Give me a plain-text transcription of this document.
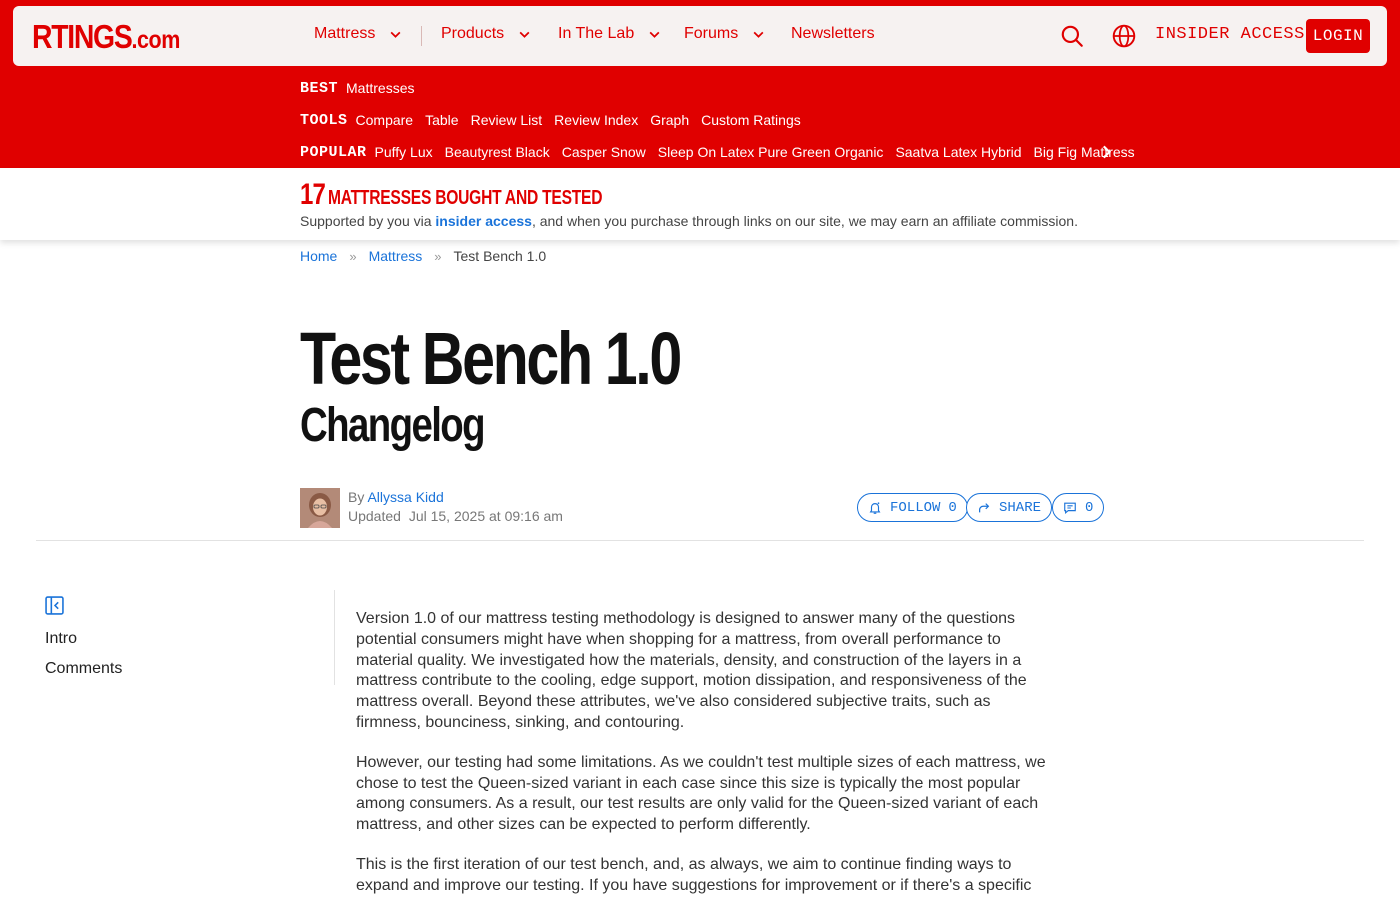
RTINGS.com	Mattress	Products	In The Lab	Forums	Newsletters	INSIDER ACCESS LOGIN
BEST Mattresses
TOOLS Compare Table Review List Review Index Graph Custom Ratings
POPULAR Puffy Lux Beautyrest Black Casper Snow Sleep On Latex Pure Green Organic Saatva Latex Hybrid Big Fig Mattress
17 MATTRESSES BOUGHT AND TESTED
Supported by you via insider access, and when you purchase through links on our site, we may earn an affiliate commission.
Home » Mattress » Test Bench 1.0
Test Bench 1.0
Changelog
By Allyssa Kidd
Updated Jul 15, 2025 at 09:16 am
FOLLOW 0	SHARE	0
Intro
Comments

Version 1.0 of our mattress testing methodology is designed to answer many of the questions potential consumers might have when shopping for a mattress, from overall performance to material quality. We investigated how the materials, density, and construction of the layers in a mattress contribute to the cooling, edge support, motion dissipation, and responsiveness of the mattress overall. Beyond these attributes, we've also considered subjective traits, such as firmness, bounciness, sinking, and contouring.

However, our testing had some limitations. As we couldn't test multiple sizes of each mattress, we chose to test the Queen-sized variant in each case since this size is typically the most popular among consumers. As a result, our test results are only valid for the Queen-sized variant of each mattress, and other sizes can be expected to perform differently.

This is the first iteration of our test bench, and, as always, we aim to continue finding ways to expand and improve our testing. If you have suggestions for improvement or if there's a specific
